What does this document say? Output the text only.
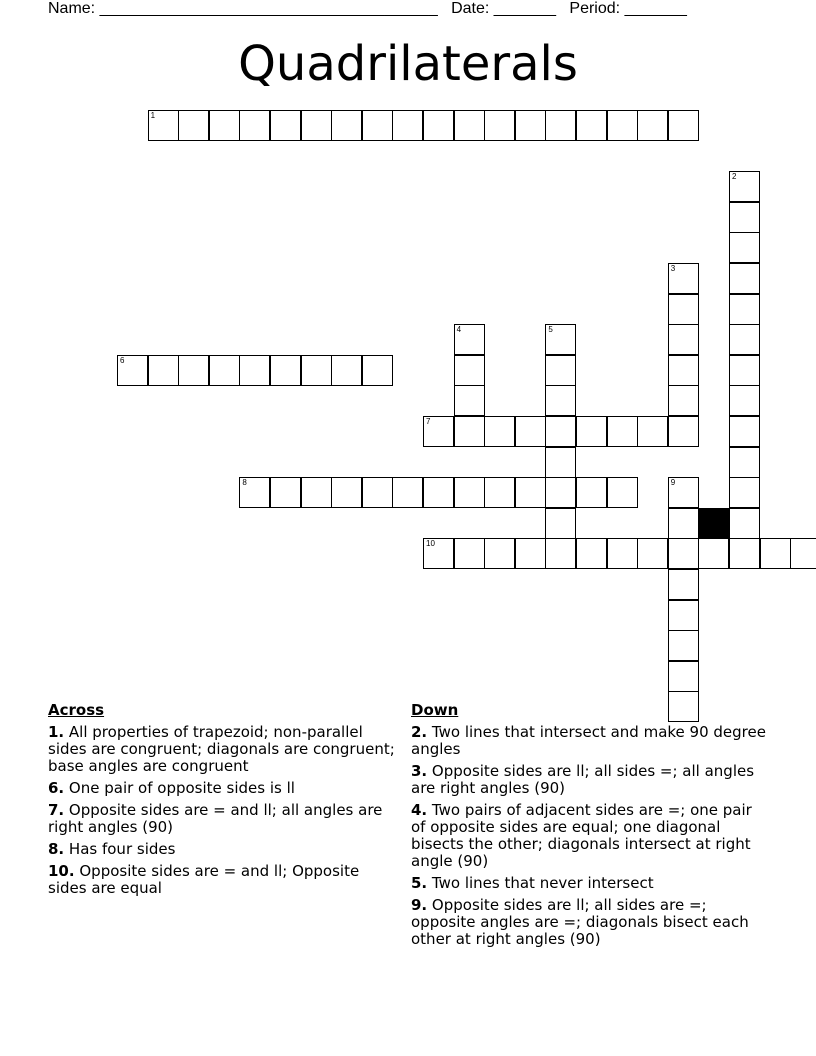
Name: ______________________________________ Date: _______ Period: _______
Quadrilaterals
1
2
3
4	5
6
7
8	9
10
Across
1. All properties of trapezoid; non-parallel sides are congruent; diagonals are congruent; base angles are congruent
6. One pair of opposite sides is ll
7. Opposite sides are = and ll; all angles are right angles (90)
8. Has four sides
10. Opposite sides are = and ll; Opposite sides are equal
Down
2. Two lines that intersect and make 90 degree angles
3. Opposite sides are ll; all sides =; all angles are right angles (90)
4. Two pairs of adjacent sides are =; one pair of opposite sides are equal; one diagonal bisects the other; diagonals intersect at right angle (90)
5. Two lines that never intersect
9. Opposite sides are ll; all sides are =; opposite angles are =; diagonals bisect each other at right angles (90)
